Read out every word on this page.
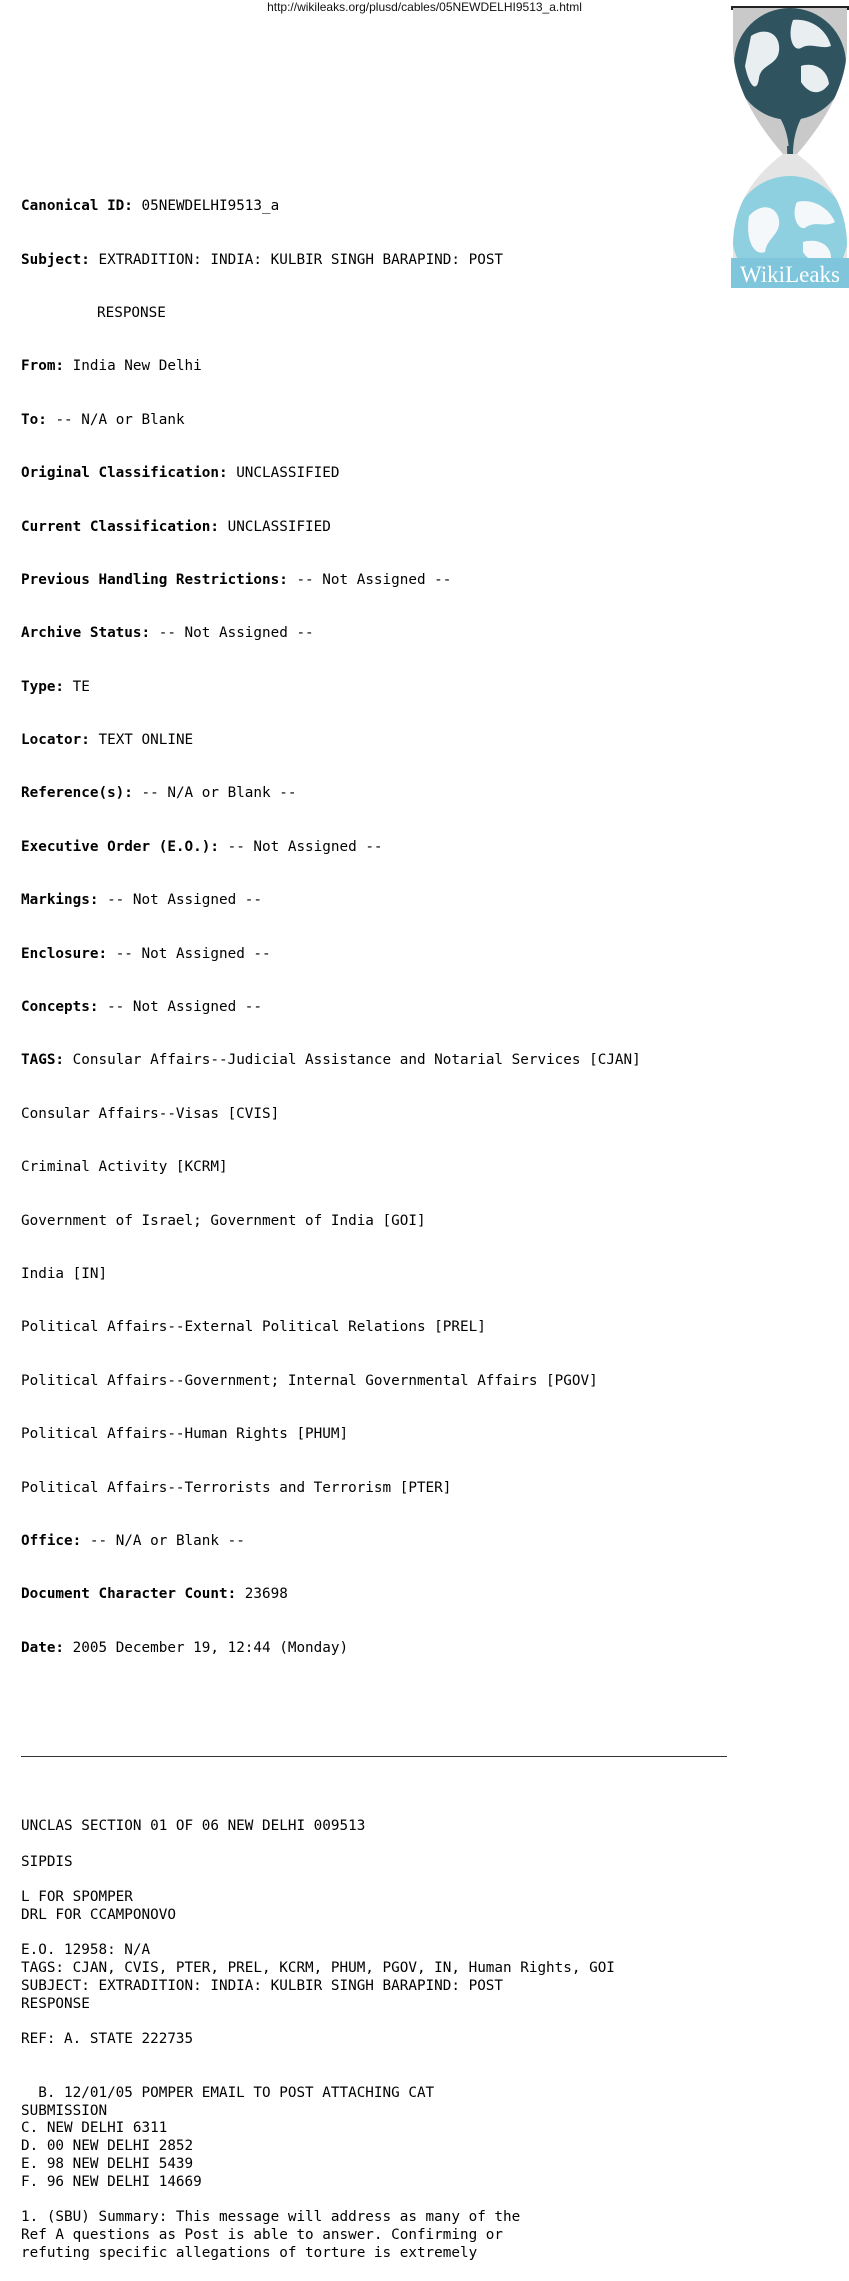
http://wikileaks.org/plusd/cables/05NEWDELHI9513_a.html
WikiLeaks

Canonical ID: 05NEWDELHI9513_a

Subject: EXTRADITION: INDIA: KULBIR SINGH BARAPIND: POST

RESPONSE

From: India New Delhi

To: -- N/A or Blank

Original Classification: UNCLASSIFIED

Current Classification: UNCLASSIFIED

Previous Handling Restrictions: -- Not Assigned --

Archive Status: -- Not Assigned --

Type: TE

Locator: TEXT ONLINE

Reference(s): -- N/A or Blank --

Executive Order (E.O.): -- Not Assigned --

Markings: -- Not Assigned --

Enclosure: -- Not Assigned --

Concepts: -- Not Assigned --

TAGS: Consular Affairs--Judicial Assistance and Notarial Services [CJAN]

Consular Affairs--Visas [CVIS]

Criminal Activity [KCRM]

Government of Israel; Government of India [GOI]

India [IN]

Political Affairs--External Political Relations [PREL]

Political Affairs--Government; Internal Governmental Affairs [PGOV]

Political Affairs--Human Rights [PHUM]

Political Affairs--Terrorists and Terrorism [PTER]

Office: -- N/A or Blank --

Document Character Count: 23698

Date: 2005 December 19, 12:44 (Monday)

UNCLAS SECTION 01 OF 06 NEW DELHI 009513
SIPDIS
L FOR SPOMPER
DRL FOR CCAMPONOVO
E.O. 12958: N/A
TAGS: CJAN, CVIS, PTER, PREL, KCRM, PHUM, PGOV, IN, Human Rights, GOI
SUBJECT: EXTRADITION: INDIA: KULBIR SINGH BARAPIND: POST
RESPONSE
REF: A. STATE 222735
B. 12/01/05 POMPER EMAIL TO POST ATTACHING CAT
SUBMISSION
C. NEW DELHI 6311
D. 00 NEW DELHI 2852
E. 98 NEW DELHI 5439
F. 96 NEW DELHI 14669
1. (SBU) Summary: This message will address as many of the
Ref A questions as Post is able to answer. Confirming or
refuting specific allegations of torture is extremely
